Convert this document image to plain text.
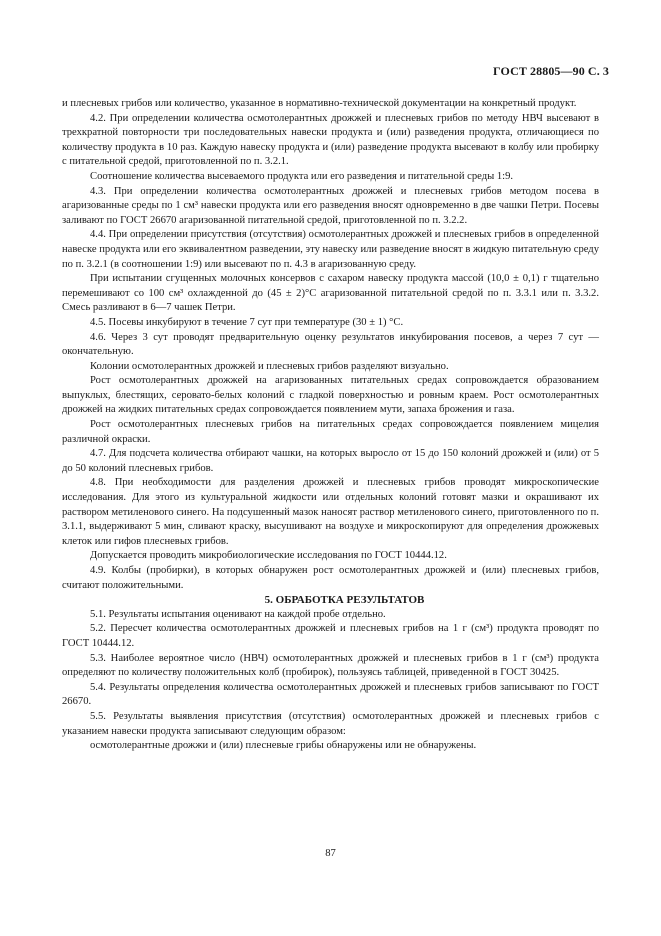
ГОСТ 28805—90 С. 3

и плесневых грибов или количество, указанное в нормативно-технической документации на конкретный продукт.

4.2. При определении количества осмотолерантных дрожжей и плесневых грибов по методу НВЧ высевают в трехкратной повторности три последовательных навески продукта и (или) разведения продукта, отличающиеся по количеству продукта в 10 раз. Каждую навеску продукта и (или) разведение продукта высевают в колбу или пробирку с питательной средой, приготовленной по п. 3.2.1.

Соотношение количества высеваемого продукта или его разведения и питательной среды 1:9.

4.3. При определении количества осмотолерантных дрожжей и плесневых грибов методом посева в агаризованные среды по 1 см³ навески продукта или его разведения вносят одновременно в две чашки Петри. Посевы заливают по ГОСТ 26670 агаризованной питательной средой, приготовленной по п. 3.2.2.

4.4. При определении присутствия (отсутствия) осмотолерантных дрожжей и плесневых грибов в определенной навеске продукта или его эквивалентном разведении, эту навеску или разведение вносят в жидкую питательную среду по п. 3.2.1 (в соотношении 1:9) или высевают по п. 4.3 в агаризованную среду.

При испытании сгущенных молочных консервов с сахаром навеску продукта массой (10,0 ± 0,1) г тщательно перемешивают со 100 см³ охлажденной до (45 ± 2)°C агаризованной питательной средой по п. 3.3.1 или п. 3.3.2. Смесь разливают в 6—7 чашек Петри.

4.5. Посевы инкубируют в течение 7 сут при температуре (30 ± 1) °C.

4.6. Через 3 сут проводят предварительную оценку результатов инкубирования посевов, а через 7 сут — окончательную.

Колонии осмотолерантных дрожжей и плесневых грибов разделяют визуально.

Рост осмотолерантных дрожжей на агаризованных питательных средах сопровождается образованием выпуклых, блестящих, серовато-белых колоний с гладкой поверхностью и ровным краем. Рост осмотолерантных дрожжей на жидких питательных средах сопровождается появлением мути, запаха брожения и газа.

Рост осмотолерантных плесневых грибов на питательных средах сопровождается появлением мицелия различной окраски.

4.7. Для подсчета количества отбирают чашки, на которых выросло от 15 до 150 колоний дрожжей и (или) от 5 до 50 колоний плесневых грибов.

4.8. При необходимости для разделения дрожжей и плесневых грибов проводят микроскопические исследования. Для этого из культуральной жидкости или отдельных колоний готовят мазки и окрашивают их раствором метиленового синего. На подсушенный мазок наносят раствор метиленового синего, приготовленного по п. 3.1.1, выдерживают 5 мин, сливают краску, высушивают на воздухе и микроскопируют для определения дрожжевых клеток или гифов плесневых грибов.

Допускается проводить микробиологические исследования по ГОСТ 10444.12.

4.9. Колбы (пробирки), в которых обнаружен рост осмотолерантных дрожжей и (или) плесневых грибов, считают положительными.

5. ОБРАБОТКА РЕЗУЛЬТАТОВ

5.1. Результаты испытания оценивают на каждой пробе отдельно.

5.2. Пересчет количества осмотолерантных дрожжей и плесневых грибов на 1 г (см³) продукта проводят по ГОСТ 10444.12.

5.3. Наиболее вероятное число (НВЧ) осмотолерантных дрожжей и плесневых грибов в 1 г (см³) продукта определяют по количеству положительных колб (пробирок), пользуясь таблицей, приведенной в ГОСТ 30425.

5.4. Результаты определения количества осмотолерантных дрожжей и плесневых грибов записывают по ГОСТ 26670.

5.5. Результаты выявления присутствия (отсутствия) осмотолерантных дрожжей и плесневых грибов с указанием навески продукта записывают следующим образом:

осмотолерантные дрожжи и (или) плесневые грибы обнаружены или не обнаружены.

87
